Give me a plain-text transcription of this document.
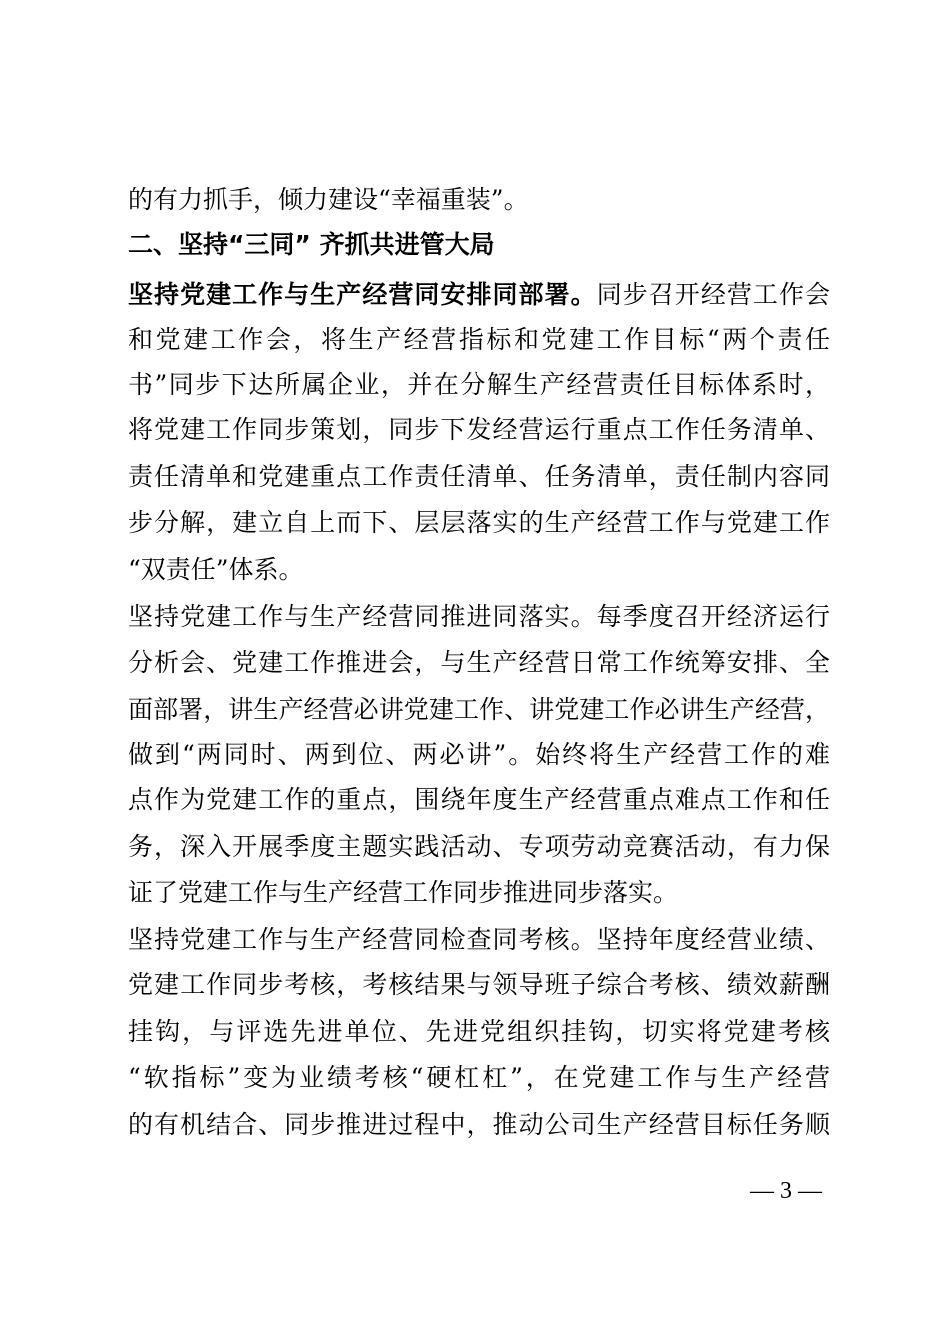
的有力抓手，倾力建设“幸福重装”。
二、坚持“三同” 齐抓共进管大局
坚持党建工作与生产经营同安排同部署。同步召开经营工作会
和党建工作会，将生产经营指标和党建工作目标“两个责任
书”同步下达所属企业，并在分解生产经营责任目标体系时，
将党建工作同步策划，同步下发经营运行重点工作任务清单、
责任清单和党建重点工作责任清单、任务清单，责任制内容同
步分解，建立自上而下、层层落实的生产经营工作与党建工作
“双责任”体系。
坚持党建工作与生产经营同推进同落实。每季度召开经济运行
分析会、党建工作推进会，与生产经营日常工作统筹安排、全
面部署，讲生产经营必讲党建工作、讲党建工作必讲生产经营，
做到“两同时、两到位、两必讲”。始终将生产经营工作的难
点作为党建工作的重点，围绕年度生产经营重点难点工作和任
务，深入开展季度主题实践活动、专项劳动竞赛活动，有力保
证了党建工作与生产经营工作同步推进同步落实。
坚持党建工作与生产经营同检查同考核。坚持年度经营业绩、
党建工作同步考核，考核结果与领导班子综合考核、绩效薪酬
挂钩，与评选先进单位、先进党组织挂钩，切实将党建考核
“软指标”变为业绩考核“硬杠杠”，在党建工作与生产经营
的有机结合、同步推进过程中，推动公司生产经营目标任务顺
— 3 —
